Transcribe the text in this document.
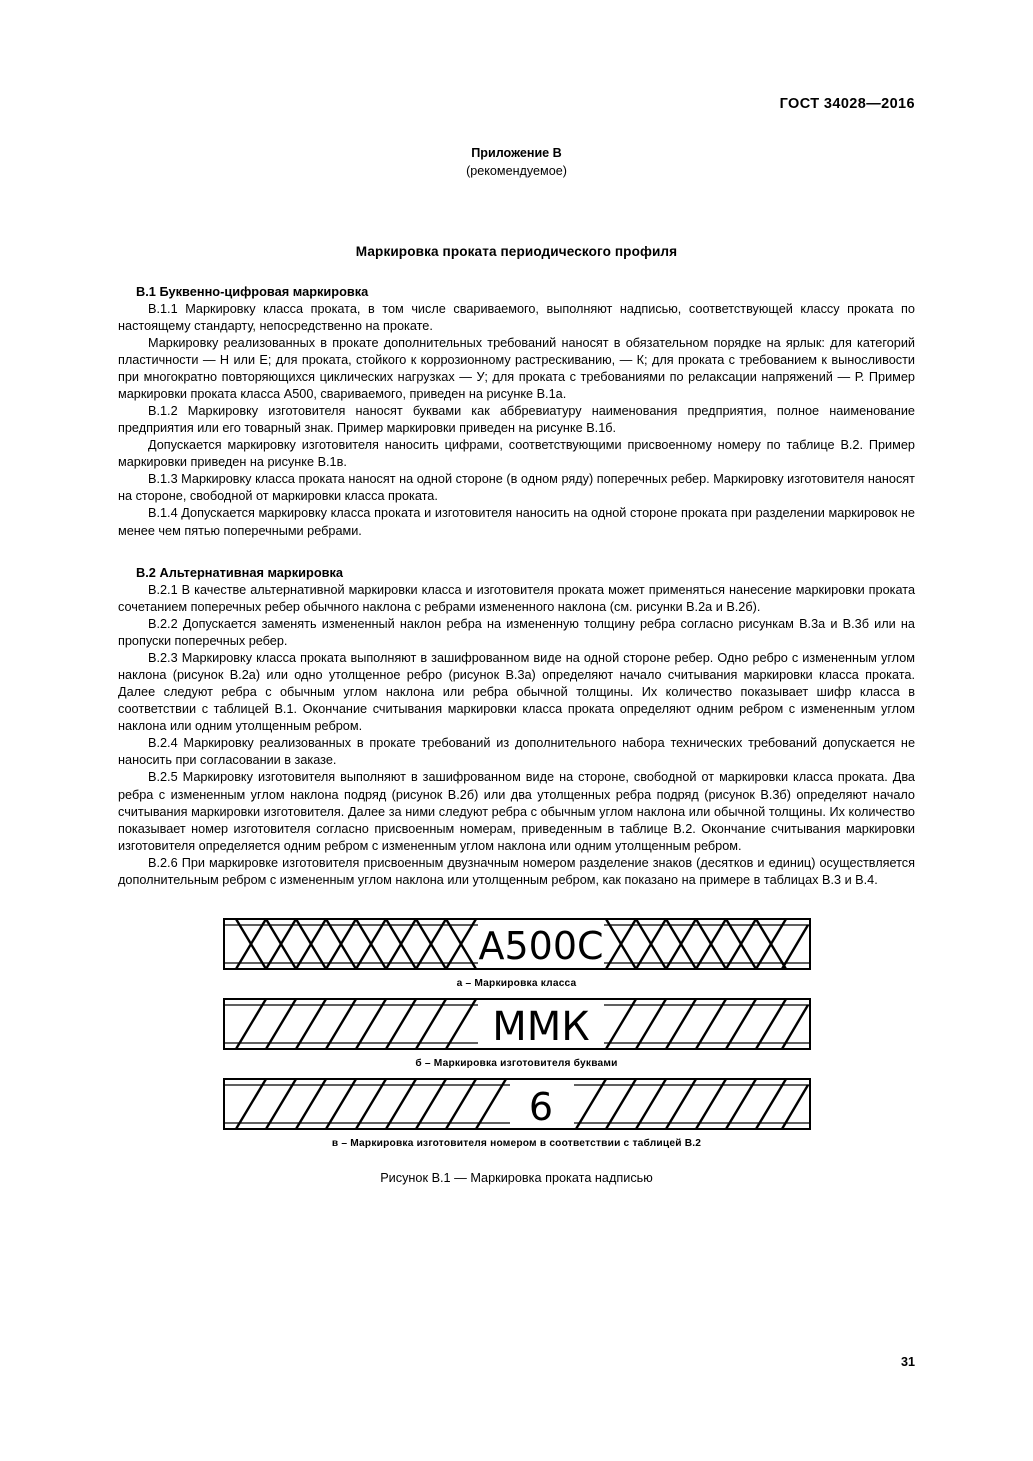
ГОСТ 34028—2016
Приложение В
(рекомендуемое)
Маркировка проката периодического профиля
В.1 Буквенно-цифровая маркировка

В.1.1 Маркировку класса проката, в том числе свариваемого, выполняют надписью, соответствующей классу проката по настоящему стандарту, непосредственно на прокате.

Маркировку реализованных в прокате дополнительных требований наносят в обязательном порядке на ярлык: для категорий пластичности — Н или Е; для проката, стойкого к коррозионному растрескиванию, — К; для проката с требованием к выносливости при многократно повторяющихся циклических нагрузках — У; для проката с требованиями по релаксации напряжений — Р. Пример маркировки проката класса А500, свариваемого, приведен на рисунке В.1а.

В.1.2 Маркировку изготовителя наносят буквами как аббревиатуру наименования предприятия, полное наименование предприятия или его товарный знак. Пример маркировки приведен на рисунке В.1б.

Допускается маркировку изготовителя наносить цифрами, соответствующими присвоенному номеру по таблице В.2. Пример маркировки приведен на рисунке В.1в.

В.1.3 Маркировку класса проката наносят на одной стороне (в одном ряду) поперечных ребер. Маркировку изготовителя наносят на стороне, свободной от маркировки класса проката.

В.1.4 Допускается маркировку класса проката и изготовителя наносить на одной стороне проката при разделении маркировок не менее чем пятью поперечными ребрами.

В.2 Альтернативная маркировка

В.2.1 В качестве альтернативной маркировки класса и изготовителя проката может применяться нанесение маркировки проката сочетанием поперечных ребер обычного наклона с ребрами измененного наклона (см. рисунки В.2а и В.2б).

В.2.2 Допускается заменять измененный наклон ребра на измененную толщину ребра согласно рисункам В.3а и В.3б или на пропуски поперечных ребер.

В.2.3 Маркировку класса проката выполняют в зашифрованном виде на одной стороне ребер. Одно ребро с измененным углом наклона (рисунок В.2а) или одно утолщенное ребро (рисунок В.3а) определяют начало считывания маркировки класса проката. Далее следуют ребра с обычным углом наклона или ребра обычной толщины. Их количество показывает шифр класса в соответствии с таблицей В.1. Окончание считывания маркировки класса проката определяют одним ребром с измененным углом наклона или одним утолщенным ребром.

В.2.4 Маркировку реализованных в прокате требований из дополнительного набора технических требований допускается не наносить при согласовании в заказе.

В.2.5 Маркировку изготовителя выполняют в зашифрованном виде на стороне, свободной от маркировки класса проката. Два ребра с измененным углом наклона подряд (рисунок В.2б) или два утолщенных ребра подряд (рисунок В.3б) определяют начало считывания маркировки изготовителя. Далее за ними следуют ребра с обычным углом наклона или обычной толщины. Их количество показывает номер изготовителя согласно присвоенным номерам, приведенным в таблице В.2. Окончание считывания маркировки изготовителя определяется одним ребром с измененным углом наклона или одним утолщенным ребром.

В.2.6 При маркировке изготовителя присвоенным двузначным номером разделение знаков (десятков и единиц) осуществляется дополнительным ребром с измененным углом наклона или утолщенным ребром, как показано на примере в таблицах В.3 и В.4.

A500C
а – Маркировка класса
ММК
б – Маркировка изготовителя буквами
6
в – Маркировка изготовителя номером в соответствии с таблицей В.2
Рисунок В.1 — Маркировка проката надписью
31
